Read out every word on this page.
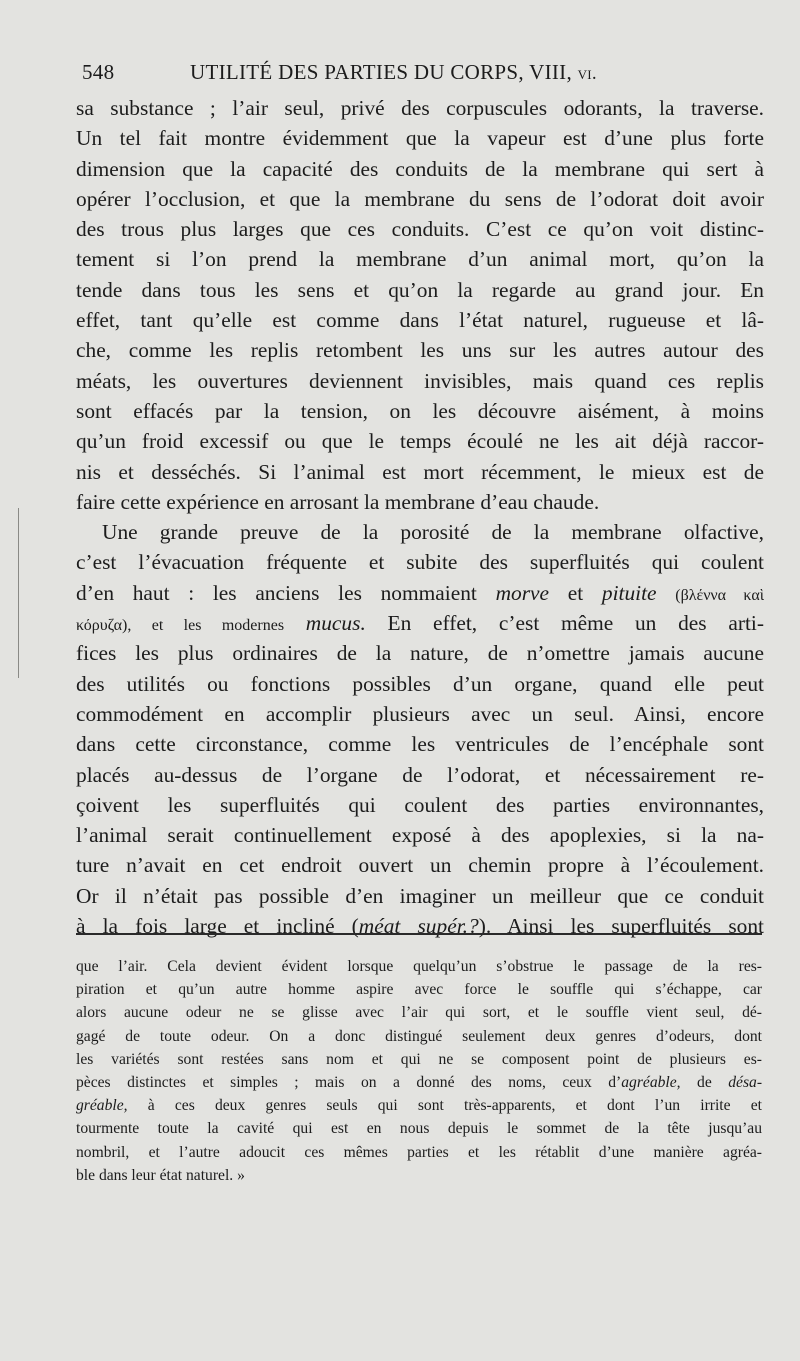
548	UTILITÉ DES PARTIES DU CORPS, VIII, vi.
sa substance ; l’air seul, privé des corpuscules odorants, la traverse.
Un tel fait montre évidemment que la vapeur est d’une plus forte
dimension que la capacité des conduits de la membrane qui sert à
opérer l’occlusion, et que la membrane du sens de l’odorat doit avoir
des trous plus larges que ces conduits. C’est ce qu’on voit distinc-
tement si l’on prend la membrane d’un animal mort, qu’on la
tende dans tous les sens et qu’on la regarde au grand jour. En
effet, tant qu’elle est comme dans l’état naturel, rugueuse et lâ-
che, comme les replis retombent les uns sur les autres autour des
méats, les ouvertures deviennent invisibles, mais quand ces replis
sont effacés par la tension, on les découvre aisément, à moins
qu’un froid excessif ou que le temps écoulé ne les ait déjà raccor-
nis et desséchés. Si l’animal est mort récemment, le mieux est de
faire cette expérience en arrosant la membrane d’eau chaude.
Une grande preuve de la porosité de la membrane olfactive,
c’est l’évacuation fréquente et subite des superfluités qui coulent
d’en haut : les anciens les nommaient morve et pituite (βλέννα καὶ
κόρυζα), et les modernes mucus. En effet, c’est même un des arti-
fices les plus ordinaires de la nature, de n’omettre jamais aucune
des utilités ou fonctions possibles d’un organe, quand elle peut
commodément en accomplir plusieurs avec un seul. Ainsi, encore
dans cette circonstance, comme les ventricules de l’encéphale sont
placés au-dessus de l’organe de l’odorat, et nécessairement re-
çoivent les superfluités qui coulent des parties environnantes,
l’animal serait continuellement exposé à des apoplexies, si la na-
ture n’avait en cet endroit ouvert un chemin propre à l’écoulement.
Or il n’était pas possible d’en imaginer un meilleur que ce conduit
à la fois large et incliné (méat supér.?). Ainsi les superfluités sont
que l’air. Cela devient évident lorsque quelqu’un s’obstrue le passage de la res-
piration et qu’un autre homme aspire avec force le souffle qui s’échappe, car
alors aucune odeur ne se glisse avec l’air qui sort, et le souffle vient seul, dé-
gagé de toute odeur. On a donc distingué seulement deux genres d’odeurs, dont
les variétés sont restées sans nom et qui ne se composent point de plusieurs es-
pèces distinctes et simples ; mais on a donné des noms, ceux d’agréable, de désa-
gréable, à ces deux genres seuls qui sont très-apparents, et dont l’un irrite et
tourmente toute la cavité qui est en nous depuis le sommet de la tête jusqu’au
nombril, et l’autre adoucit ces mêmes parties et les rétablit d’une manière agréa-
ble dans leur état naturel. »
